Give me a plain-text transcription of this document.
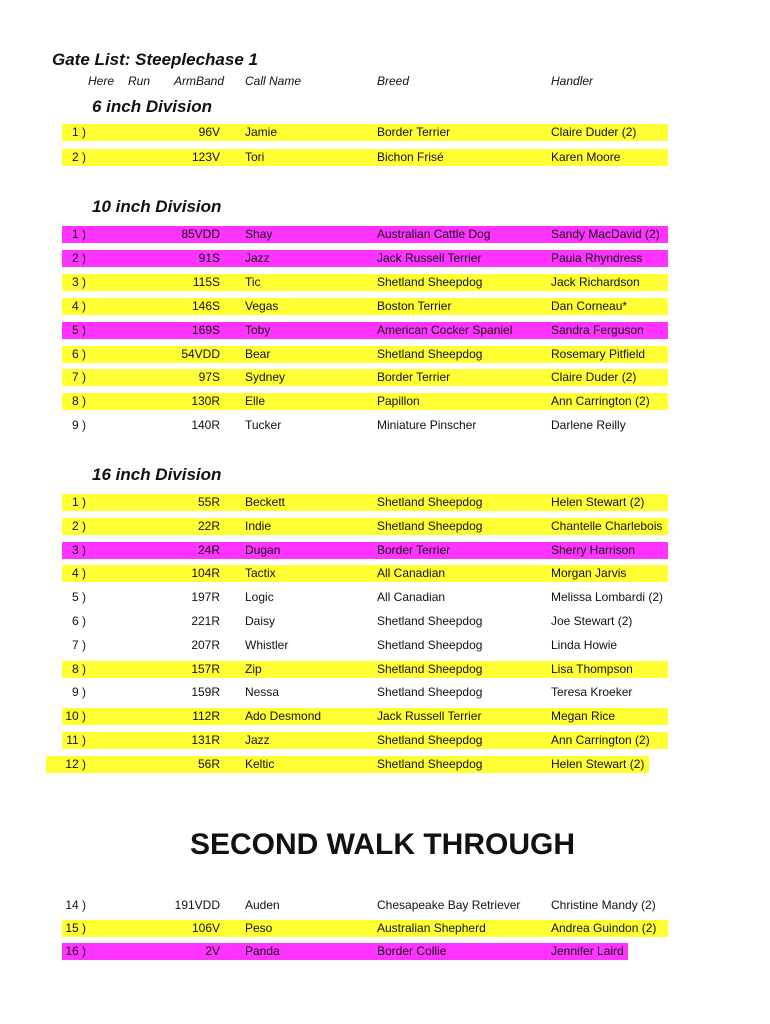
Gate List: Steeplechase 1
Here Run ArmBand Call Name	Breed	Handler
6 inch Division
1 )	96V Jamie	Border Terrier	Claire Duder (2)
2 )	123V Tori	Bichon Frisé	Karen Moore
10 inch Division
1 )	85VDD Shay	Australian Cattle Dog	Sandy MacDavid (2)
2 )	91S Jazz	Jack Russell Terrier	Paula Rhyndress
3 )	115S Tic	Shetland Sheepdog	Jack Richardson
4 )	146S Vegas	Boston Terrier	Dan Corneau*
5 )	169S Toby	American Cocker Spaniel	Sandra Ferguson
6 )	54VDD Bear	Shetland Sheepdog	Rosemary Pitfield
7 )	97S Sydney	Border Terrier	Claire Duder (2)
8 )	130R Elle	Papillon	Ann Carrington (2)
9 )	140R Tucker	Miniature Pinscher	Darlene Reilly
16 inch Division
1 )	55R Beckett	Shetland Sheepdog	Helen Stewart (2)
2 )	22R Indie	Shetland Sheepdog	Chantelle Charlebois
3 )	24R Dugan	Border Terrier	Sherry Harrison
4 )	104R Tactix	All Canadian	Morgan Jarvis
5 )	197R Logic	All Canadian	Melissa Lombardi (2)
6 )	221R Daisy	Shetland Sheepdog	Joe Stewart (2)
7 )	207R Whistler	Shetland Sheepdog	Linda Howie
8 )	157R Zip	Shetland Sheepdog	Lisa Thompson
9 )	159R Nessa	Shetland Sheepdog	Teresa Kroeker
10 )	112R Ado Desmond	Jack Russell Terrier	Megan Rice
11 )	131R Jazz	Shetland Sheepdog	Ann Carrington (2)
12 )	56R Keltic	Shetland Sheepdog	Helen Stewart (2)
SECOND WALK THROUGH
14 )	191VDD Auden	Chesapeake Bay Retriever	Christine Mandy (2)
15 )	106V Peso	Australian Shepherd	Andrea Guindon (2)
16 )	2V Panda	Border Collie	Jennifer Laird
